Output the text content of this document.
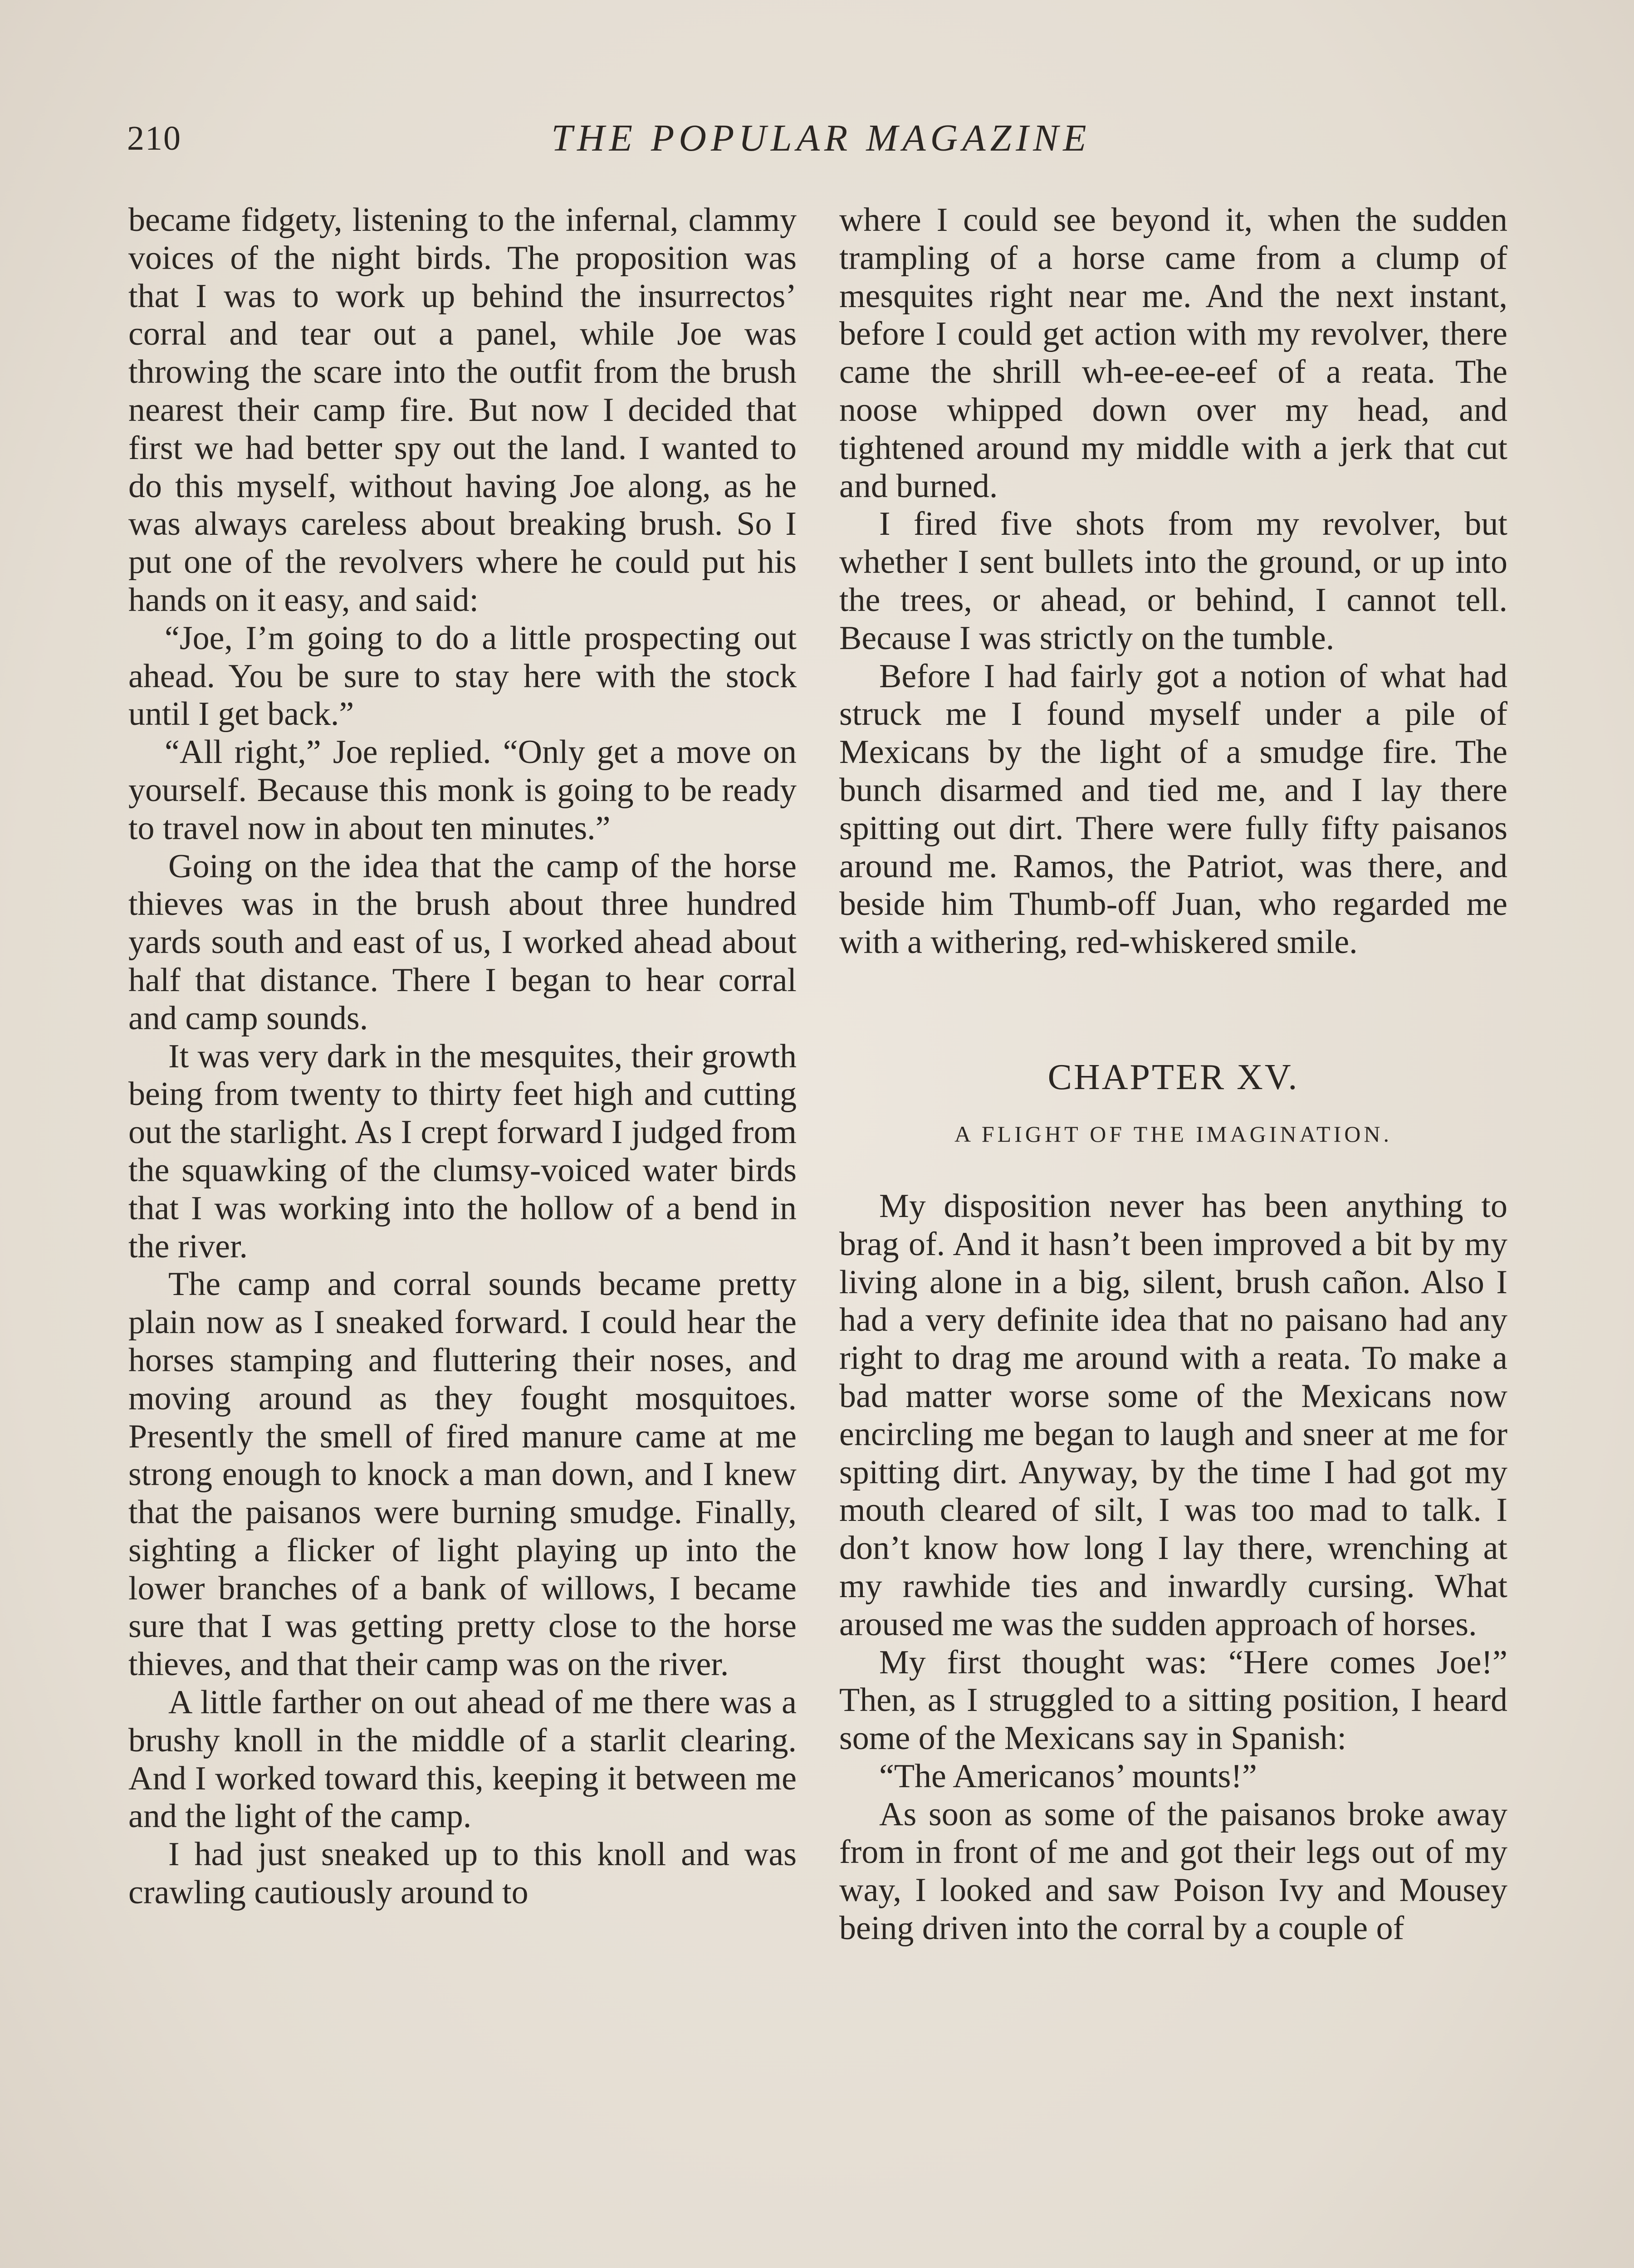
210	THE POPULAR MAGAZINE

became fidgety, listening to the infernal, clammy voices of the night birds. The proposition was that I was to work up behind the insurrectos’ corral and tear out a panel, while Joe was throwing the scare into the outfit from the brush nearest their camp fire. But now I decided that first we had better spy out the land. I wanted to do this myself, without having Joe along, as he was always careless about breaking brush. So I put one of the revolvers where he could put his hands on it easy, and said:

“Joe, I’m going to do a little prospecting out ahead. You be sure to stay here with the stock until I get back.”

“All right,” Joe replied. “Only get a move on yourself. Because this monk is going to be ready to travel now in about ten minutes.”

Going on the idea that the camp of the horse thieves was in the brush about three hundred yards south and east of us, I worked ahead about half that distance. There I began to hear corral and camp sounds.

It was very dark in the mesquites, their growth being from twenty to thirty feet high and cutting out the starlight. As I crept forward I judged from the squawking of the clumsy-voiced water birds that I was working into the hollow of a bend in the river.

The camp and corral sounds became pretty plain now as I sneaked forward. I could hear the horses stamping and fluttering their noses, and moving around as they fought mosquitoes. Presently the smell of fired manure came at me strong enough to knock a man down, and I knew that the paisanos were burning smudge. Finally, sighting a flicker of light playing up into the lower branches of a bank of willows, I became sure that I was getting pretty close to the horse thieves, and that their camp was on the river.

A little farther on out ahead of me there was a brushy knoll in the middle of a starlit clearing. And I worked toward this, keeping it between me and the light of the camp.

I had just sneaked up to this knoll and was crawling cautiously around to

where I could see beyond it, when the sudden trampling of a horse came from a clump of mesquites right near me. And the next instant, before I could get action with my revolver, there came the shrill wh-ee-ee-eef of a reata. The noose whipped down over my head, and tightened around my middle with a jerk that cut and burned.

I fired five shots from my revolver, but whether I sent bullets into the ground, or up into the trees, or ahead, or behind, I cannot tell. Because I was strictly on the tumble.

Before I had fairly got a notion of what had struck me I found myself under a pile of Mexicans by the light of a smudge fire. The bunch disarmed and tied me, and I lay there spitting out dirt. There were fully fifty paisanos around me. Ramos, the Patriot, was there, and beside him Thumb-off Juan, who regarded me with a withering, red-whiskered smile.

CHAPTER XV.
A FLIGHT OF THE IMAGINATION.

My disposition never has been anything to brag of. And it hasn’t been improved a bit by my living alone in a big, silent, brush cañon. Also I had a very definite idea that no paisano had any right to drag me around with a reata. To make a bad matter worse some of the Mexicans now encircling me began to laugh and sneer at me for spitting dirt. Anyway, by the time I had got my mouth cleared of silt, I was too mad to talk. I don’t know how long I lay there, wrenching at my rawhide ties and inwardly cursing. What aroused me was the sudden approach of horses.

My first thought was: “Here comes Joe!” Then, as I struggled to a sitting position, I heard some of the Mexicans say in Spanish:

“The Americanos’ mounts!”

As soon as some of the paisanos broke away from in front of me and got their legs out of my way, I looked and saw Poison Ivy and Mousey being driven into the corral by a couple of
